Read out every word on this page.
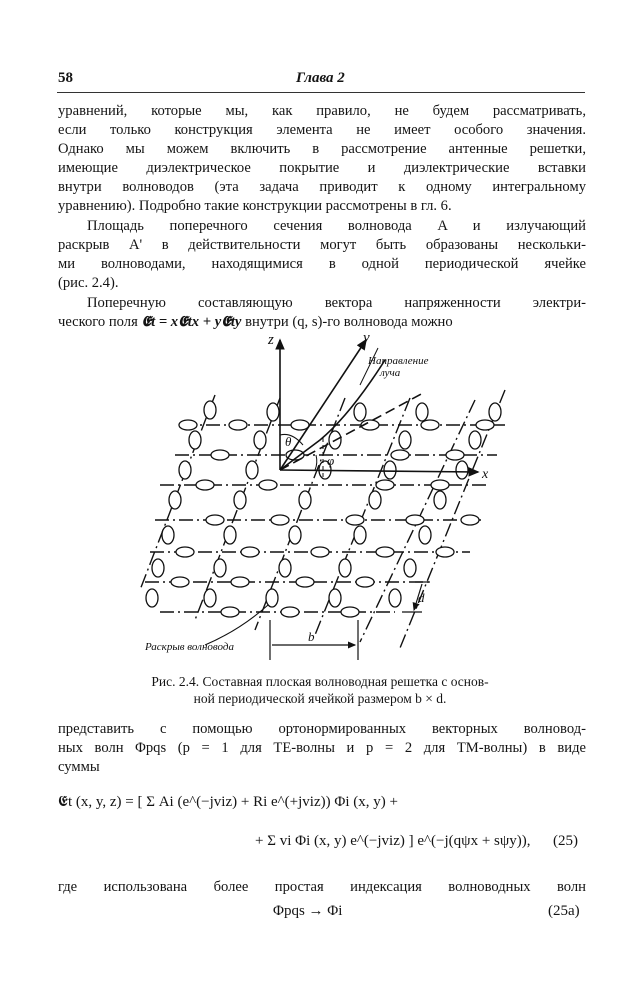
58	Глава 2
уравнений, которые мы, как правило, не будем рассматривать,
если только конструкция элемента не имеет особого значения.
Однако мы можем включить в рассмотрение антенные решетки,
имеющие диэлектрическое покрытие и диэлектрические вставки
внутри волноводов (эта задача приводит к одному интегральному
уравнению). Подробно такие конструкции рассмотрены в гл. 6.
Площадь поперечного сечения волновода A и излучающий
раскрыв A' в действительности могут быть образованы нескольки-
ми волноводами, находящимися в одной периодической ячейке
(рис. 2.4).
Поперечную составляющую вектора напряженности электри-
ческого поля 𝕰t = x𝕰tx + y𝕰ty внутри (q, s)-го волновода можно
z	y
x
θ
φ
Направление
луча
d
b
Раскрыв волновода
Рис. 2.4. Составная плоская волноводная решетка с основ-
ной периодической ячейкой размером b × d.
представить с помощью ортонормированных векторных волновод-
ных волн Φpqs (p = 1 для TE-волны и p = 2 для TM-волны) в виде
суммы
𝕰t (x, y, z) = [ Σ Ai (e^(−jviz) + Ri e^(+jviz)) Φi (x, y) +
+ Σ vi Φi (x, y) e^(−jviz) ] e^(−j(qψx + sψy)), (25)
где использована более простая индексация волноводных волн
Φpqs → Φi	(25a)
